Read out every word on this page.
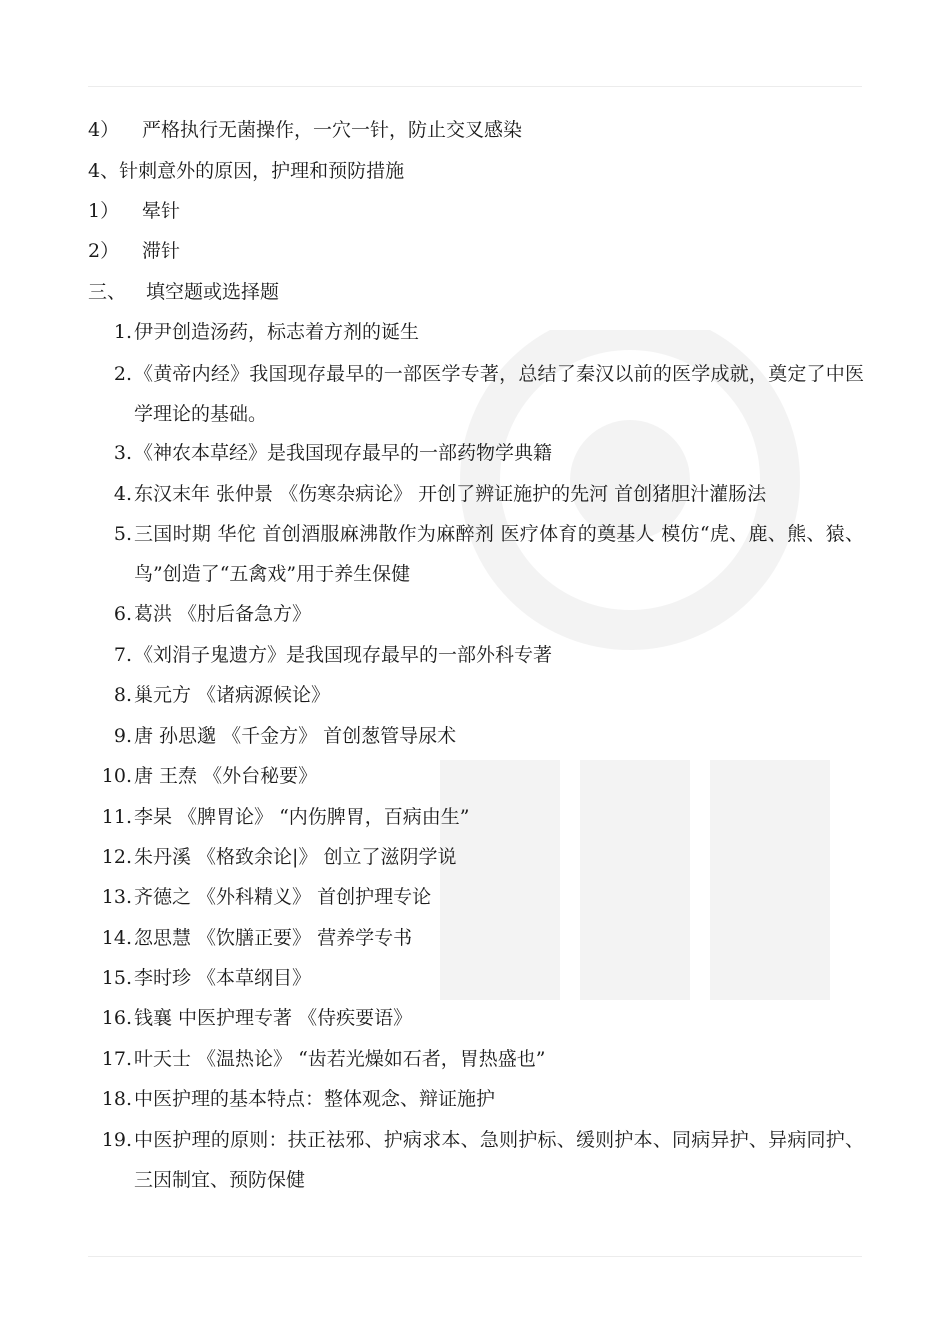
4） 严格执行无菌操作，一穴一针，防止交叉感染
4、针刺意外的原因，护理和预防措施
1） 晕针
2） 滞针
三、 填空题或选择题
1. 伊尹创造汤药，标志着方剂的诞生
2. 《黄帝内经》我国现存最早的一部医学专著，总结了秦汉以前的医学成就，奠定了中医学理论的基础。
3. 《神农本草经》是我国现存最早的一部药物学典籍
4. 东汉末年 张仲景 《伤寒杂病论》 开创了辨证施护的先河 首创猪胆汁灌肠法
5. 三国时期 华佗 首创酒服麻沸散作为麻醉剂 医疗体育的奠基人 模仿“虎、鹿、熊、猿、鸟”创造了“五禽戏”用于养生保健
6. 葛洪 《肘后备急方》
7. 《刘涓子鬼遗方》是我国现存最早的一部外科专著
8. 巢元方 《诸病源候论》
9. 唐 孙思邈 《千金方》 首创葱管导尿术
10. 唐 王焘 《外台秘要》
11. 李杲 《脾胃论》 “内伤脾胃，百病由生”
12. 朱丹溪 《格致余论|》 创立了滋阴学说
13. 齐德之 《外科精义》 首创护理专论
14. 忽思慧 《饮膳正要》 营养学专书
15. 李时珍 《本草纲目》
16. 钱襄 中医护理专著 《侍疾要语》
17. 叶天士 《温热论》 “齿若光燥如石者，胃热盛也”
18. 中医护理的基本特点：整体观念、辩证施护
19. 中医护理的原则：扶正祛邪、护病求本、急则护标、缓则护本、同病异护、异病同护、三因制宜、预防保健
